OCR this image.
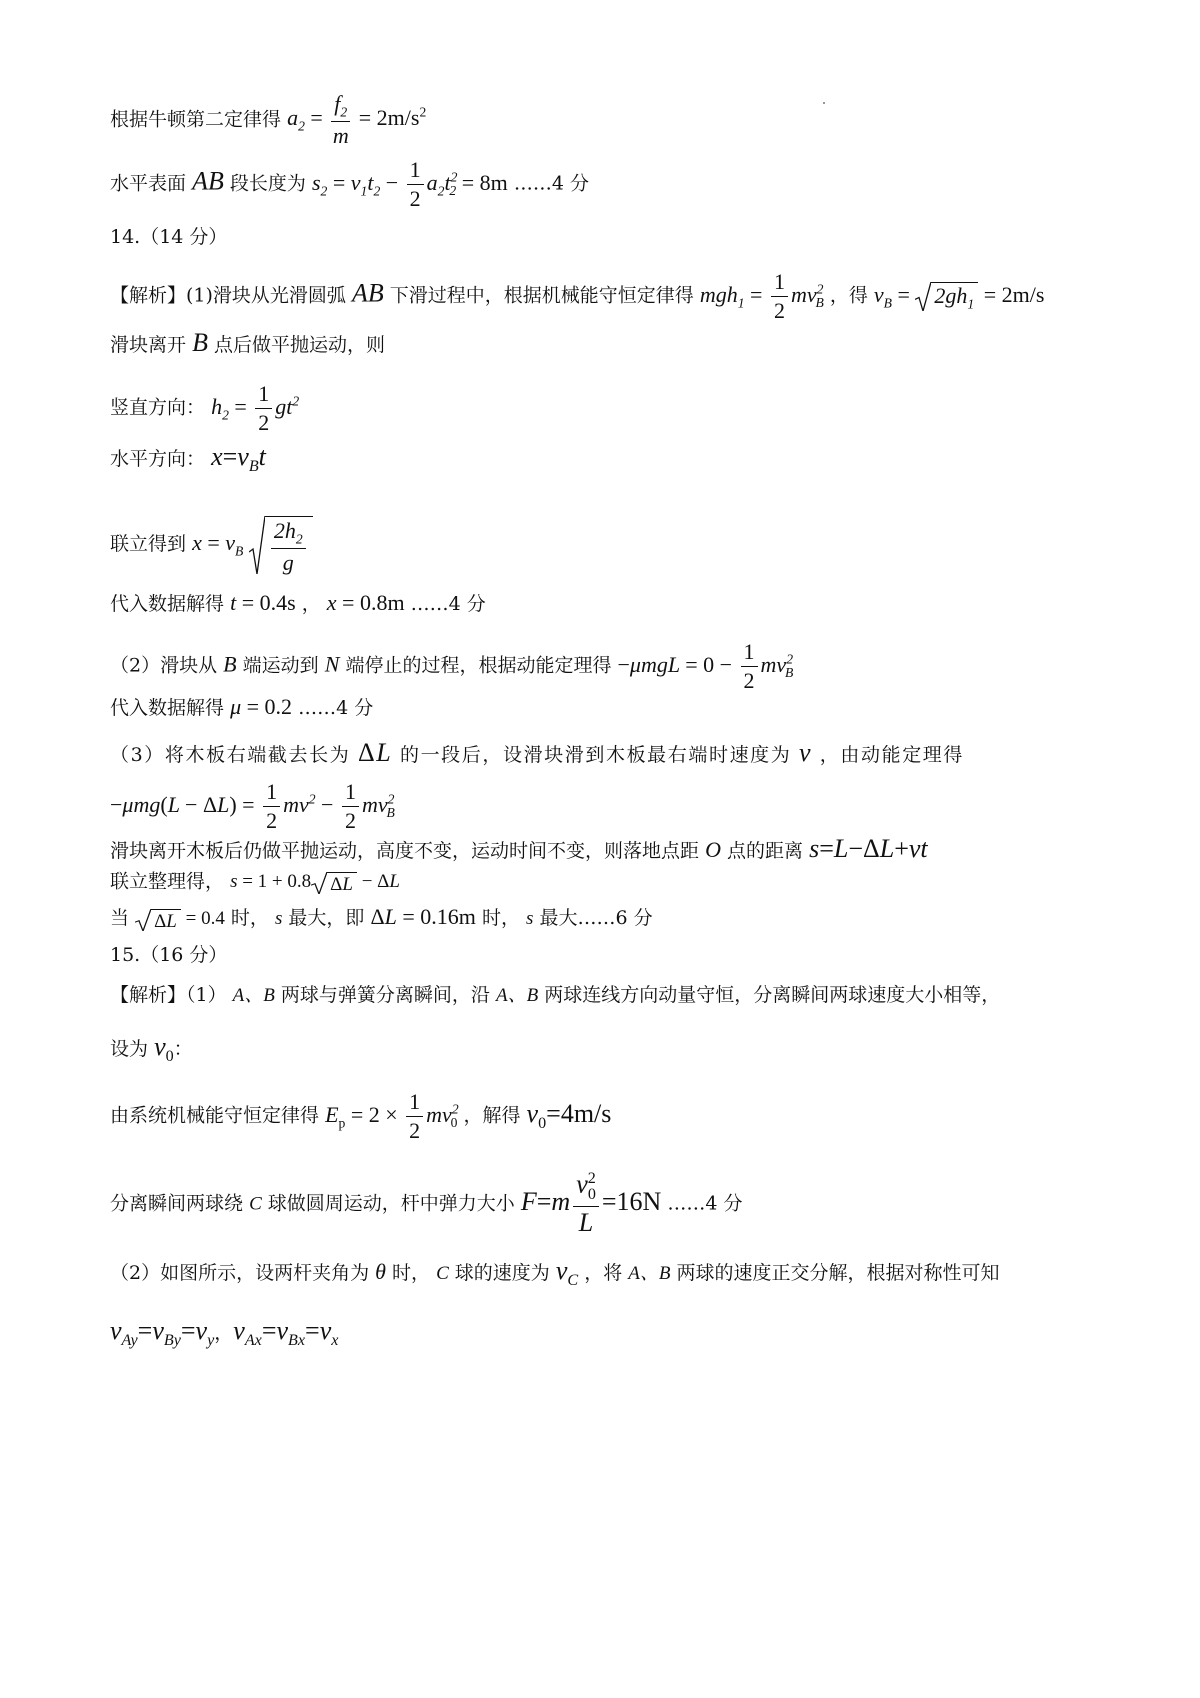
根据牛顿第二定律得 $a_2 = \frac{f_2}{m} = 2m/s^2$
水平表面 AB 段长度为 $s_2 = v_1t_2 - \frac{1}{2} a_2t^2_2 = 8m$ ……4 分
14.（14 分）
【解析】(1)滑块从光滑圆弧 AB 下滑过程中，根据机械能守恒定律得 $mgh_1 = \frac{1}{2} mv^2_B$ ，得 $v_B = 2gh_1 = 2m/s$
滑块离开 B 点后做平抛运动，则
竖直方向： $h_2 = \frac{1}{2} gt^2$
水平方向： $x=v_Bt$
联立得到 $x = v_B \frac{2h_2}{g}$
代入数据解得 t = 0.4s ， x = 0.8m ……4 分
（2）滑块从 B 端运动到 N 端停止的过程，根据动能定理得 $-\mu mgL = 0 - \frac{1}{2} mv^2_B$
代入数据解得 μ = 0.2 ……4 分
（3）将木板右端截去长为 ΔL 的一段后，设滑块滑到木板最右端时速度为 v ，由动能定理得
$-\mu mg(L - \Delta L) = \frac{1}{2} mv^2 - \frac{1}{2} mv^2_B$
滑块离开木板后仍做平抛运动，高度不变，运动时间不变，则落地点距 O 点的距离 s=L−ΔL+vt
联立整理得， s = 1 + 0.8 ΔL − ΔL
当 ΔL = 0.4 时， s 最大，即 ΔL = 0.16m 时， s 最大……6 分
15.（16 分）
【解析】（1） A、B 两球与弹簧分离瞬间，沿 A、B 两球连线方向动量守恒，分离瞬间两球速度大小相等，
设为 $v_0$：
由系统机械能守恒定律得 $E_p = 2 \times \frac{1}{2} mv^2_0$ ，解得 $v_0=4m/s$
分离瞬间两球绕 C 球做圆周运动，杆中弹力大小 $F=m \frac{v^2_0}{L} =16N$ ……4 分
（2）如图所示，设两杆夹角为 θ 时， C 球的速度为 $v_C$ ，将 A、B 两球的速度正交分解，根据对称性可知
$v_{Ay}=v_{By}=v_y$，$v_{Ax}=v_{Bx}=v_x$
